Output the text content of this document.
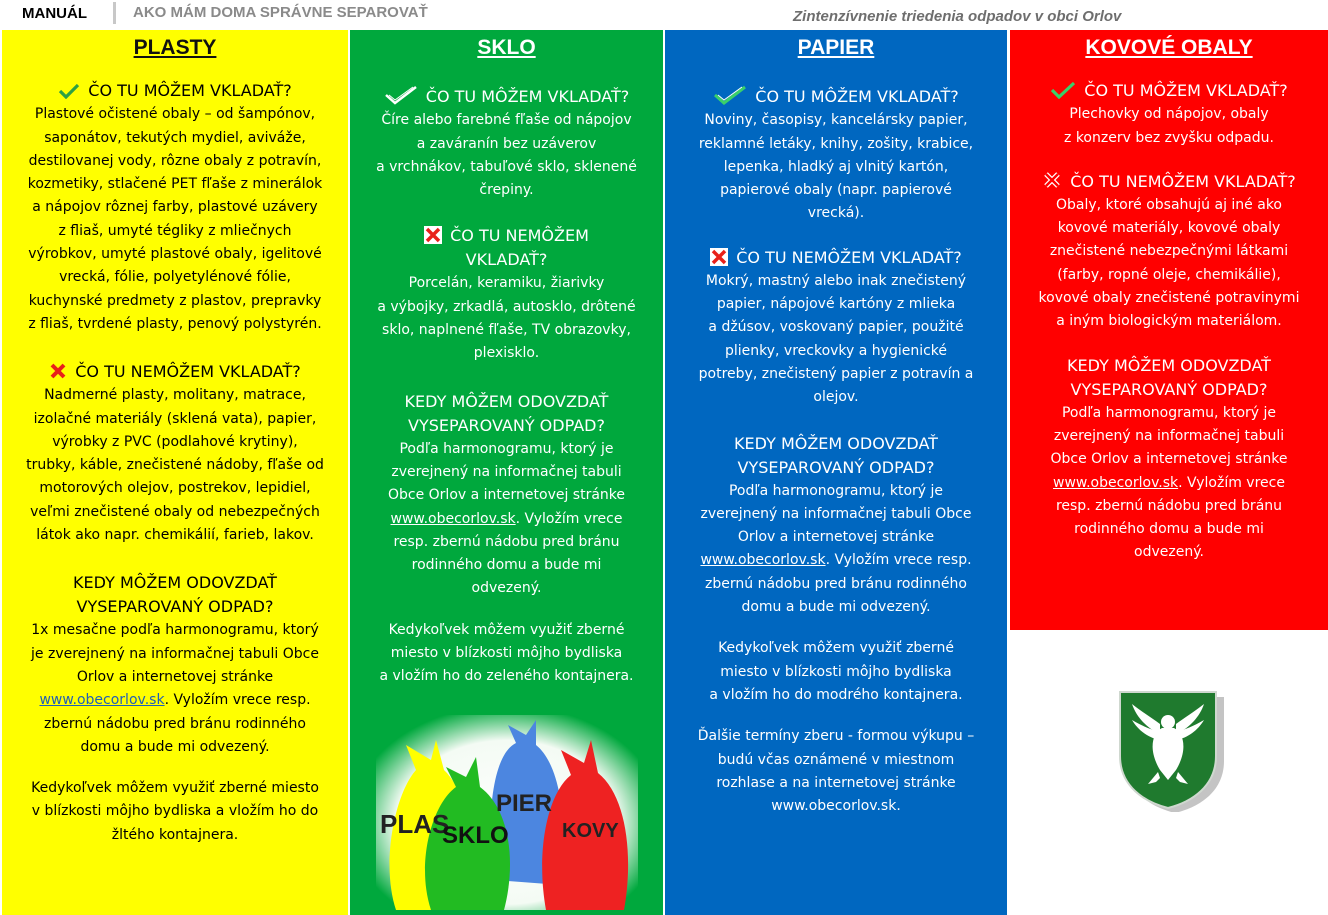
MANUÁL	AKO MÁM DOMA SPRÁVNE SEPAROVAŤ	Zintenzívnenie triedenia odpadov v obci Orlov
PLASTY
ČO TU MÔŽEM VKLADAŤ?
Plastové očistené obaly – od šampónov,
saponátov, tekutých mydiel, aviváže,
destilovanej vody, rôzne obaly z potravín,
kozmetiky, stlačené PET fľaše z minerálok
a nápojov rôznej farby, plastové uzávery
z fliaš, umyté tégliky z mliečnych
výrobkov, umyté plastové obaly, igelitové
vrecká, fólie, polyetylénové fólie,
kuchynské predmety z plastov, prepravky
z fliaš, tvrdené plasty, penový polystyrén.
ČO TU NEMÔŽEM VKLADAŤ?
Nadmerné plasty, molitany, matrace,
izolačné materiály (sklená vata), papier,
výrobky z PVC (podlahové krytiny),
trubky, káble, znečistené nádoby, fľaše od
motorových olejov, postrekov, lepidiel,
veľmi znečistené obaly od nebezpečných
látok ako napr. chemikálií, farieb, lakov.
KEDY MÔŽEM ODOVZDAŤ
VYSEPAROVANÝ ODPAD?
1x mesačne podľa harmonogramu, ktorý
je zverejnený na informačnej tabuli Obce
Orlov a internetovej stránke
www.obecorlov.sk. Vyložím vrece resp.
zbernú nádobu pred bránu rodinného
domu a bude mi odvezený.
Kedykoľvek môžem využiť zberné miesto
v blízkosti môjho bydliska a vložím ho do
žltého kontajnera.
SKLO
ČO TU MÔŽEM VKLADAŤ?
Číre alebo farebné fľaše od nápojov
a zaváranín bez uzáverov
a vrchnákov, tabuľové sklo, sklenené
črepiny.
ČO TU NEMÔŽEM
VKLADAŤ?
Porcelán, keramiku, žiarivky
a výbojky, zrkadlá, autosklo, drôtené
sklo, naplnené fľaše, TV obrazovky,
plexisklo.
KEDY MÔŽEM ODOVZDAŤ
VYSEPAROVANÝ ODPAD?
Podľa harmonogramu, ktorý je
zverejnený na informačnej tabuli
Obce Orlov a internetovej stránke
www.obecorlov.sk. Vyložím vrece
resp. zbernú nádobu pred bránu
rodinného domu a bude mi
odvezený.
Kedykoľvek môžem využiť zberné
miesto v blízkosti môjho bydliska
a vložím ho do zeleného kontajnera.
PAPIER
ČO TU MÔŽEM VKLADAŤ?
Noviny, časopisy, kancelársky papier,
reklamné letáky, knihy, zošity, krabice,
lepenka, hladký aj vlnitý kartón,
papierové obaly (napr. papierové
vrecká).
ČO TU NEMÔŽEM VKLADAŤ?
Mokrý, mastný alebo inak znečistený
papier, nápojové kartóny z mlieka
a džúsov, voskovaný papier, použité
plienky, vreckovky a hygienické
potreby, znečistený papier z potravín a
olejov.
KEDY MÔŽEM ODOVZDAŤ
VYSEPAROVANÝ ODPAD?
Podľa harmonogramu, ktorý je
zverejnený na informačnej tabuli Obce
Orlov a internetovej stránke
www.obecorlov.sk. Vyložím vrece resp.
zbernú nádobu pred bránu rodinného
domu a bude mi odvezený.
Kedykoľvek môžem využiť zberné
miesto v blízkosti môjho bydliska
a vložím ho do modrého kontajnera.
Ďalšie termíny zberu - formou výkupu –
budú včas oznámené v miestnom
rozhlase a na internetovej stránke
www.obecorlov.sk.
KOVOVÉ OBALY
ČO TU MÔŽEM VKLADAŤ?
Plechovky od nápojov, obaly
z konzerv bez zvyšku odpadu.
ČO TU NEMÔŽEM VKLADAŤ?
Obaly, ktoré obsahujú aj iné ako
kovové materiály, kovové obaly
znečistené nebezpečnými látkami
(farby, ropné oleje, chemikálie),
kovové obaly znečistené potravinymi
a iným biologickým materiálom.
KEDY MÔŽEM ODOVZDAŤ
VYSEPAROVANÝ ODPAD?
Podľa harmonogramu, ktorý je
zverejnený na informačnej tabuli
Obce Orlov a internetovej stránke
www.obecorlov.sk. Vyložím vrece
resp. zbernú nádobu pred bránu
rodinného domu a bude mi
odvezený.
PLAS
SKLO
PIER
KOVY
